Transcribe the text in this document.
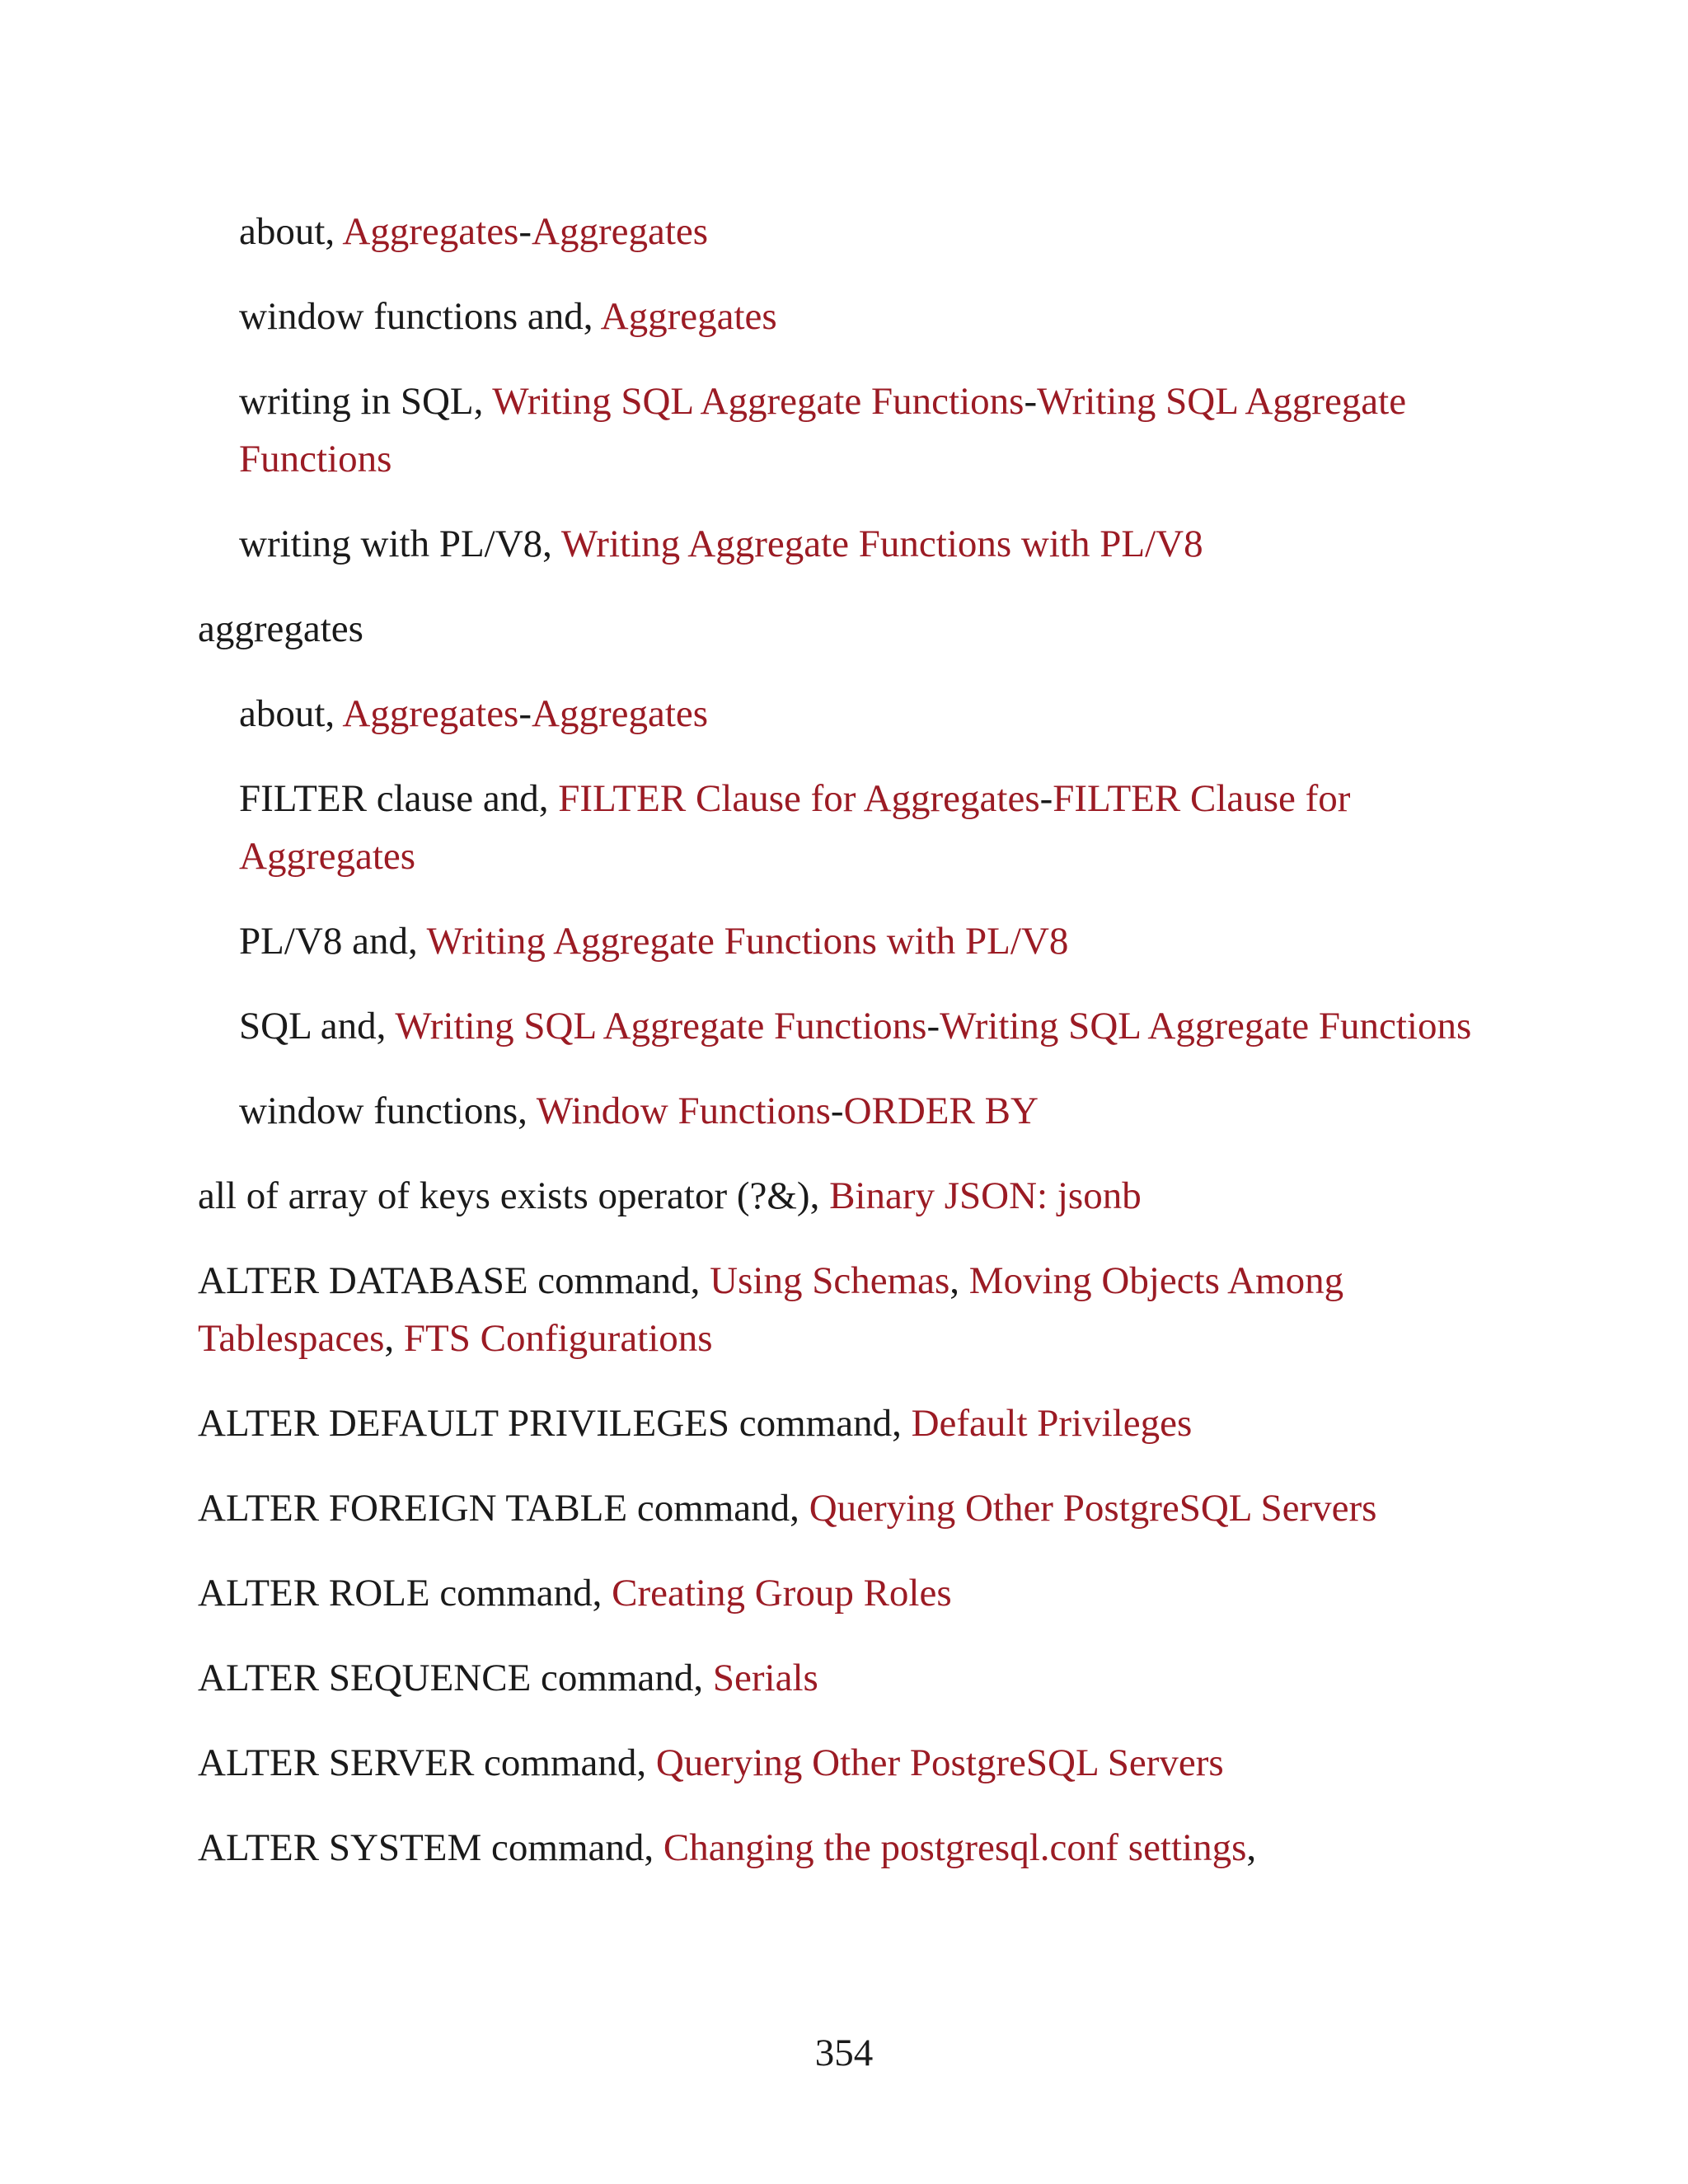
about, Aggregates-Aggregates
window functions and, Aggregates
writing in SQL, Writing SQL Aggregate Functions-Writing SQL Aggregate Functions
writing with PL/V8, Writing Aggregate Functions with PL/V8
aggregates
about, Aggregates-Aggregates
FILTER clause and, FILTER Clause for Aggregates-FILTER Clause for Aggregates
PL/V8 and, Writing Aggregate Functions with PL/V8
SQL and, Writing SQL Aggregate Functions-Writing SQL Aggregate Functions
window functions, Window Functions-ORDER BY
all of array of keys exists operator (?&), Binary JSON: jsonb
ALTER DATABASE command, Using Schemas, Moving Objects Among Tablespaces, FTS Configurations
ALTER DEFAULT PRIVILEGES command, Default Privileges
ALTER FOREIGN TABLE command, Querying Other PostgreSQL Servers
ALTER ROLE command, Creating Group Roles
ALTER SEQUENCE command, Serials
ALTER SERVER command, Querying Other PostgreSQL Servers
ALTER SYSTEM command, Changing the postgresql.conf settings,
354
